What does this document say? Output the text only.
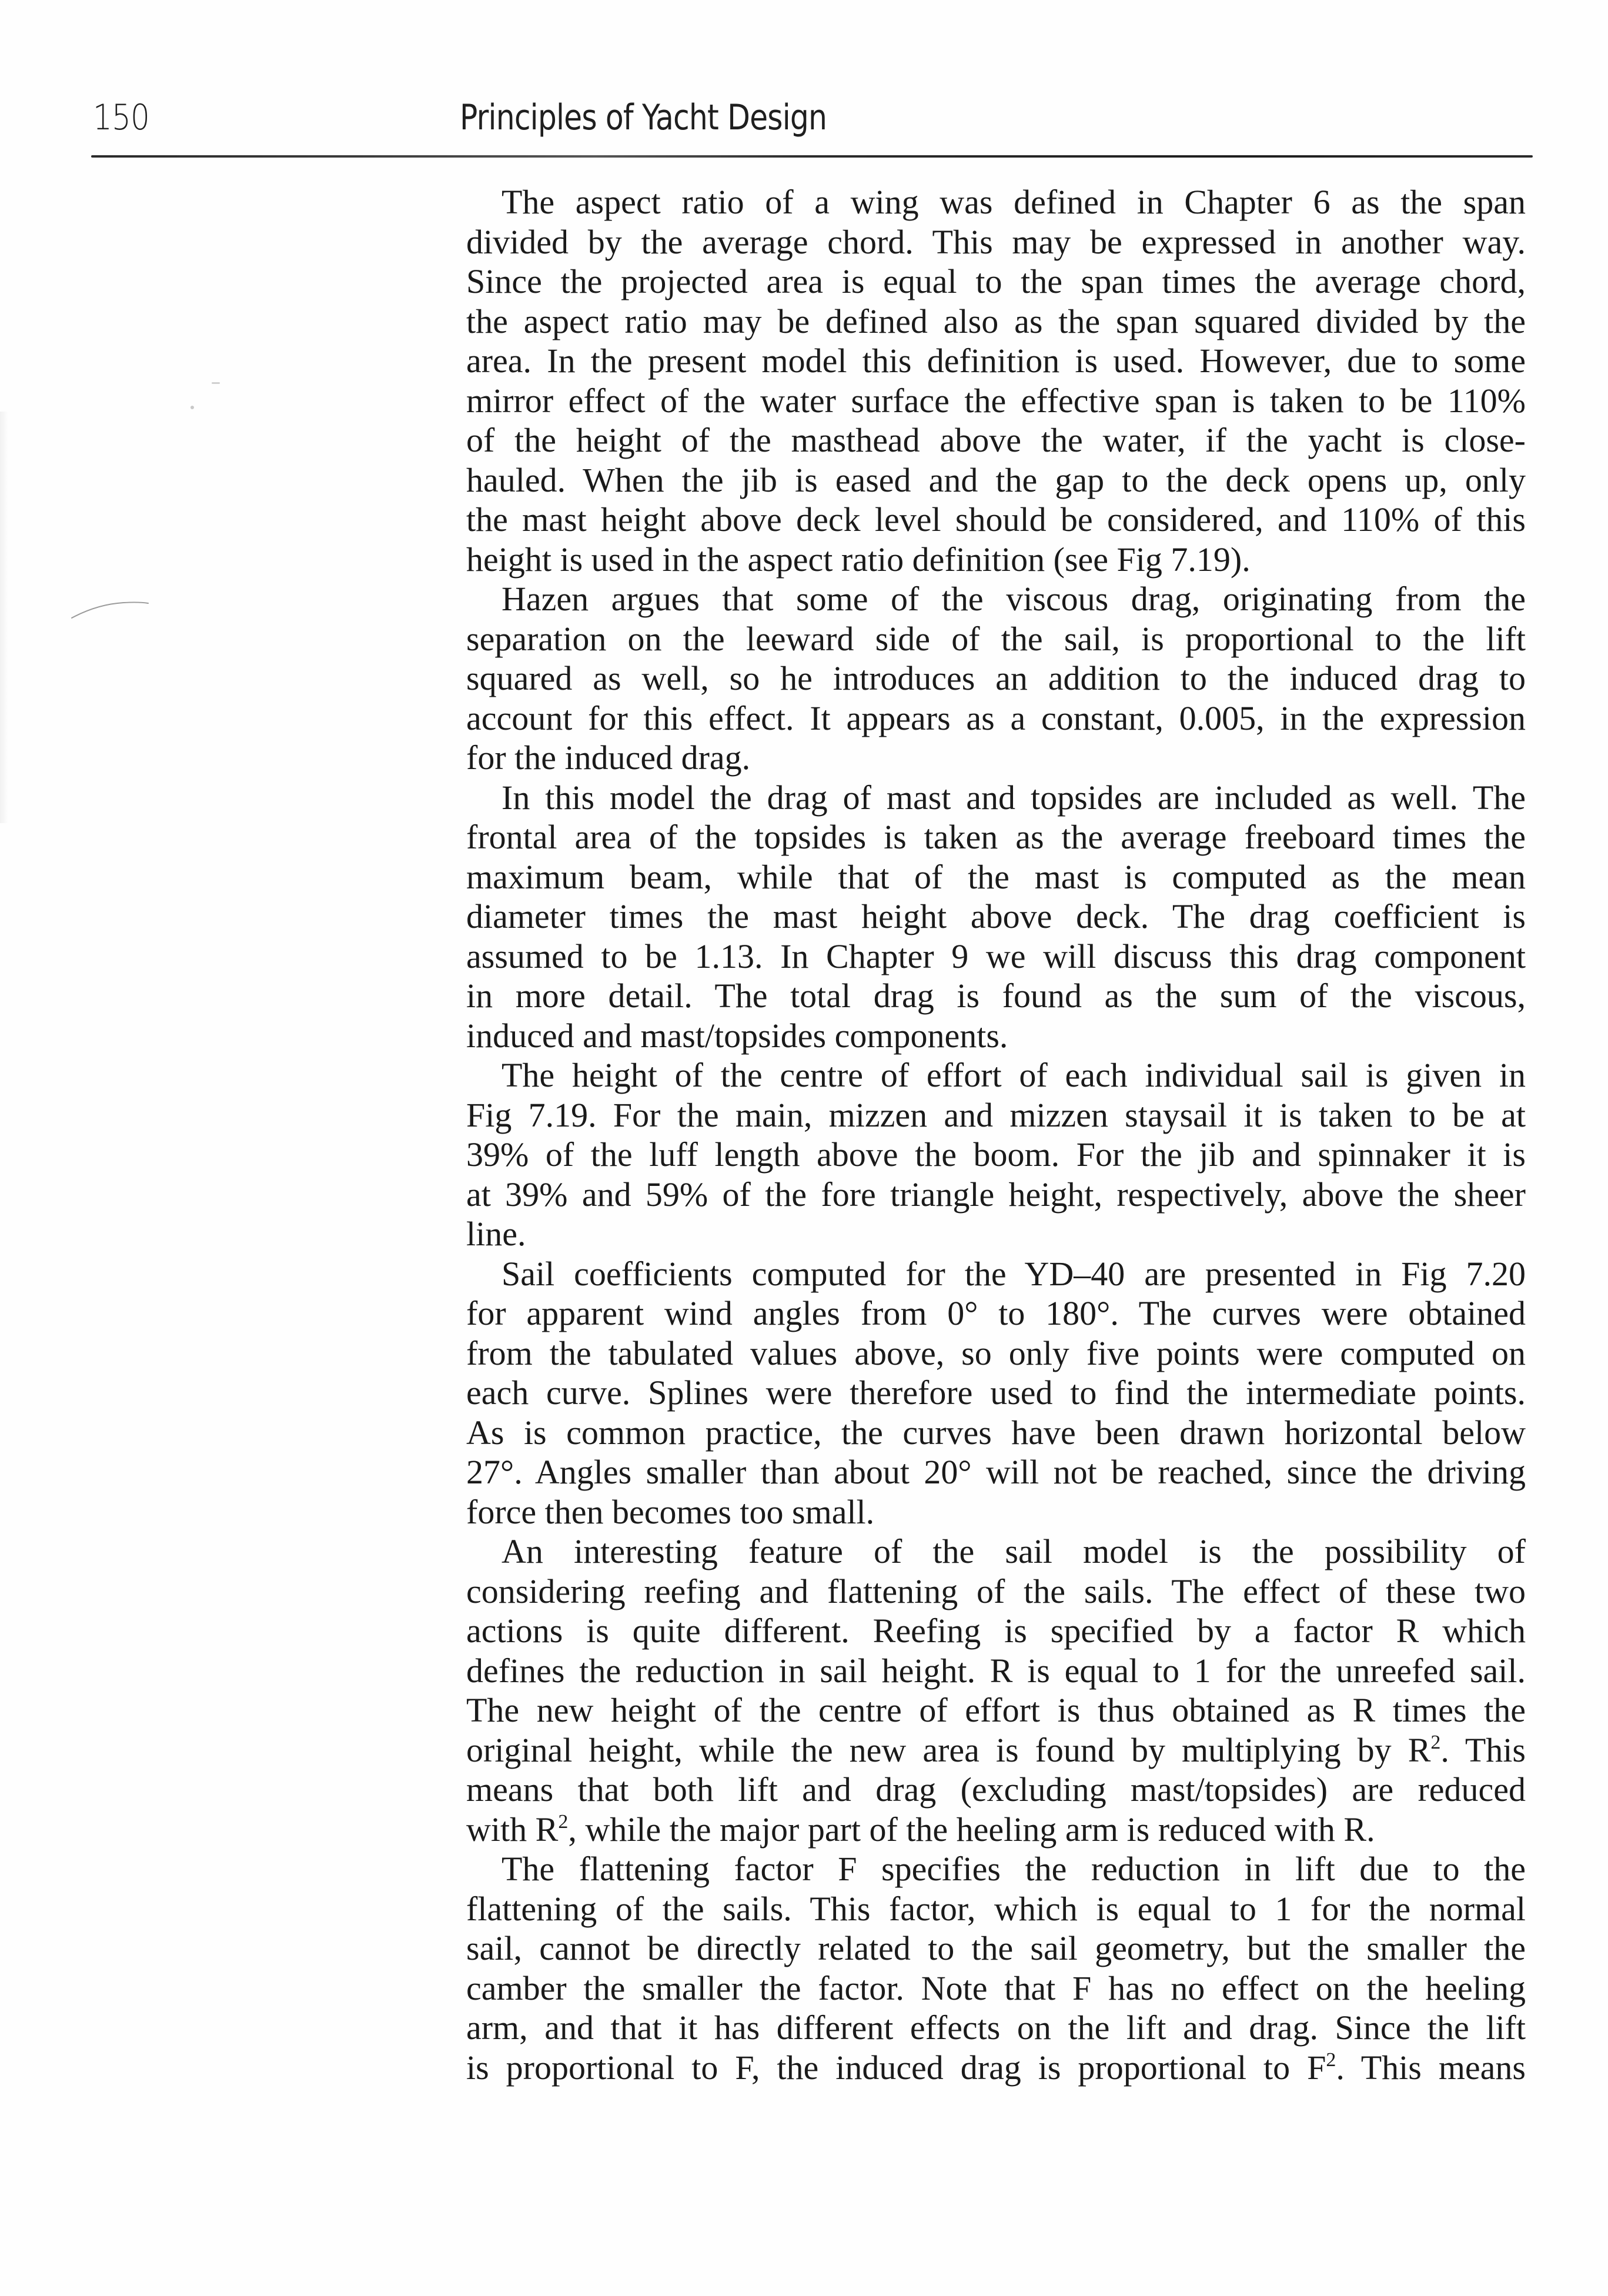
150	Principles of Yacht Design
The aspect ratio of a wing was defined in Chapter 6 as the span
divided by the average chord. This may be expressed in another way.
Since the projected area is equal to the span times the average chord,
the aspect ratio may be defined also as the span squared divided by the
area. In the present model this definition is used. However, due to some
mirror effect of the water surface the effective span is taken to be 110%
of the height of the masthead above the water, if the yacht is close-
hauled. When the jib is eased and the gap to the deck opens up, only
the mast height above deck level should be considered, and 110% of this
height is used in the aspect ratio definition (see Fig 7.19).
Hazen argues that some of the viscous drag, originating from the
separation on the leeward side of the sail, is proportional to the lift
squared as well, so he introduces an addition to the induced drag to
account for this effect. It appears as a constant, 0.005, in the expression
for the induced drag.
In this model the drag of mast and topsides are included as well. The
frontal area of the topsides is taken as the average freeboard times the
maximum beam, while that of the mast is computed as the mean
diameter times the mast height above deck. The drag coefficient is
assumed to be 1.13. In Chapter 9 we will discuss this drag component
in more detail. The total drag is found as the sum of the viscous,
induced and mast/topsides components.
The height of the centre of effort of each individual sail is given in
Fig 7.19. For the main, mizzen and mizzen staysail it is taken to be at
39% of the luff length above the boom. For the jib and spinnaker it is
at 39% and 59% of the fore triangle height, respectively, above the sheer
line.
Sail coefficients computed for the YD–40 are presented in Fig 7.20
for apparent wind angles from 0° to 180°. The curves were obtained
from the tabulated values above, so only five points were computed on
each curve. Splines were therefore used to find the intermediate points.
As is common practice, the curves have been drawn horizontal below
27°. Angles smaller than about 20° will not be reached, since the driving
force then becomes too small.
An interesting feature of the sail model is the possibility of
considering reefing and flattening of the sails. The effect of these two
actions is quite different. Reefing is specified by a factor R which
defines the reduction in sail height. R is equal to 1 for the unreefed sail.
The new height of the centre of effort is thus obtained as R times the
original height, while the new area is found by multiplying by $R^2$. This
means that both lift and drag (excluding mast/topsides) are reduced
with $R^2$, while the major part of the heeling arm is reduced with R.
The flattening factor F specifies the reduction in lift due to the
flattening of the sails. This factor, which is equal to 1 for the normal
sail, cannot be directly related to the sail geometry, but the smaller the
camber the smaller the factor. Note that F has no effect on the heeling
arm, and that it has different effects on the lift and drag. Since the lift
is proportional to F, the induced drag is proportional to $F^2$. This means
